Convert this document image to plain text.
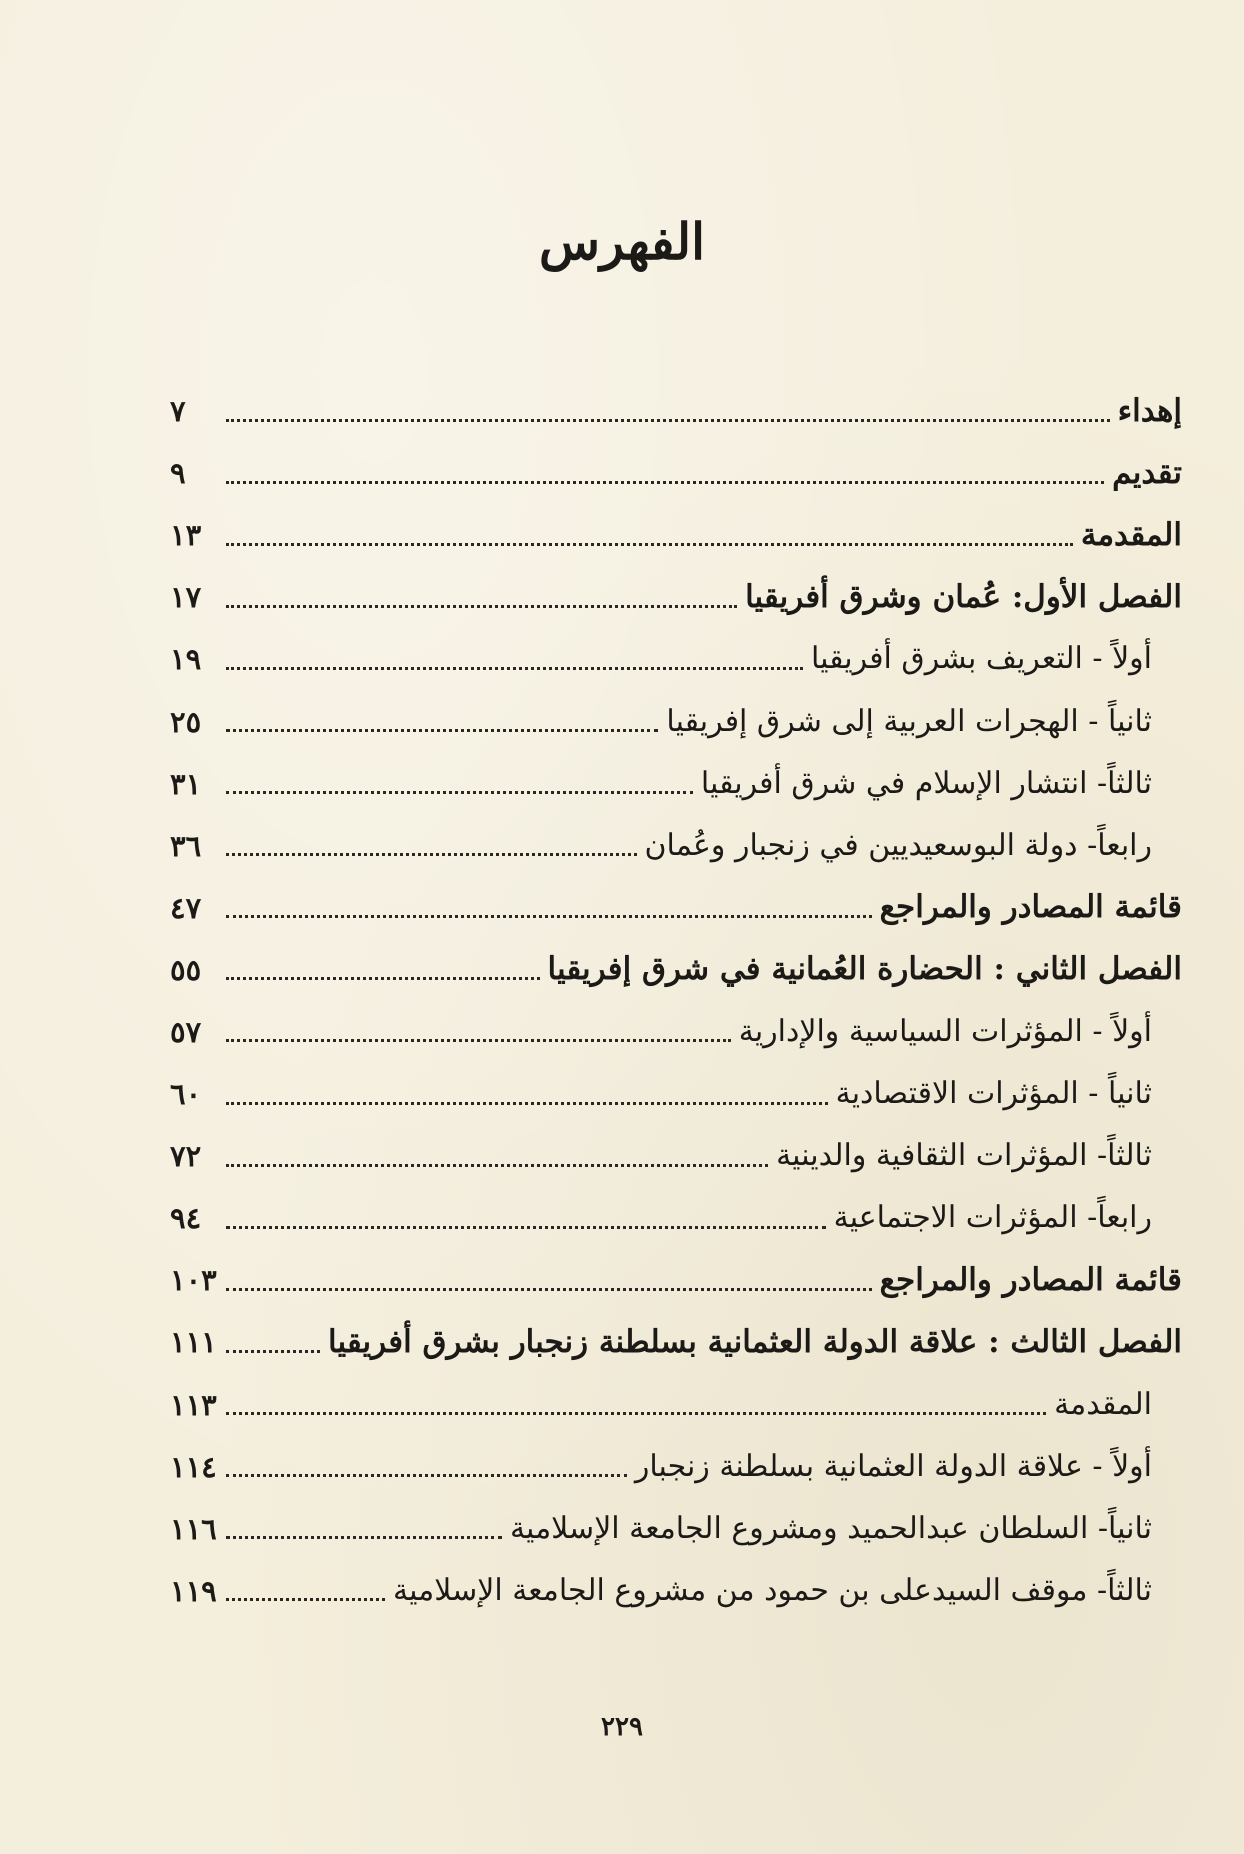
الفهرس
إهداء
٧
تقديم
٩
المقدمة
١٣
الفصل الأول: عُمان وشرق أفريقيا
١٧
أولاً - التعريف بشرق أفريقيا
١٩
ثانياً - الهجرات العربية إلى شرق إفريقيا
٢٥
ثالثاً- انتشار الإسلام في شرق أفريقيا
٣١
رابعاً- دولة البوسعيديين في زنجبار وعُمان
٣٦
قائمة المصادر والمراجع
٤٧
الفصل الثاني : الحضارة العُمانية في شرق إفريقيا
٥٥
أولاً - المؤثرات السياسية والإدارية
٥٧
ثانياً - المؤثرات الاقتصادية
٦٠
ثالثاً- المؤثرات الثقافية والدينية
٧٢
رابعاً- المؤثرات الاجتماعية
٩٤
قائمة المصادر والمراجع
١٠٣
الفصل الثالث : علاقة الدولة العثمانية بسلطنة زنجبار بشرق أفريقيا
١١١
المقدمة
١١٣
أولاً - علاقة الدولة العثمانية بسلطنة زنجبار
١١٤
ثانياً- السلطان عبدالحميد ومشروع الجامعة الإسلامية
١١٦
ثالثاً- موقف السيدعلى بن حمود من مشروع الجامعة الإسلامية
١١٩
٢٢٩
